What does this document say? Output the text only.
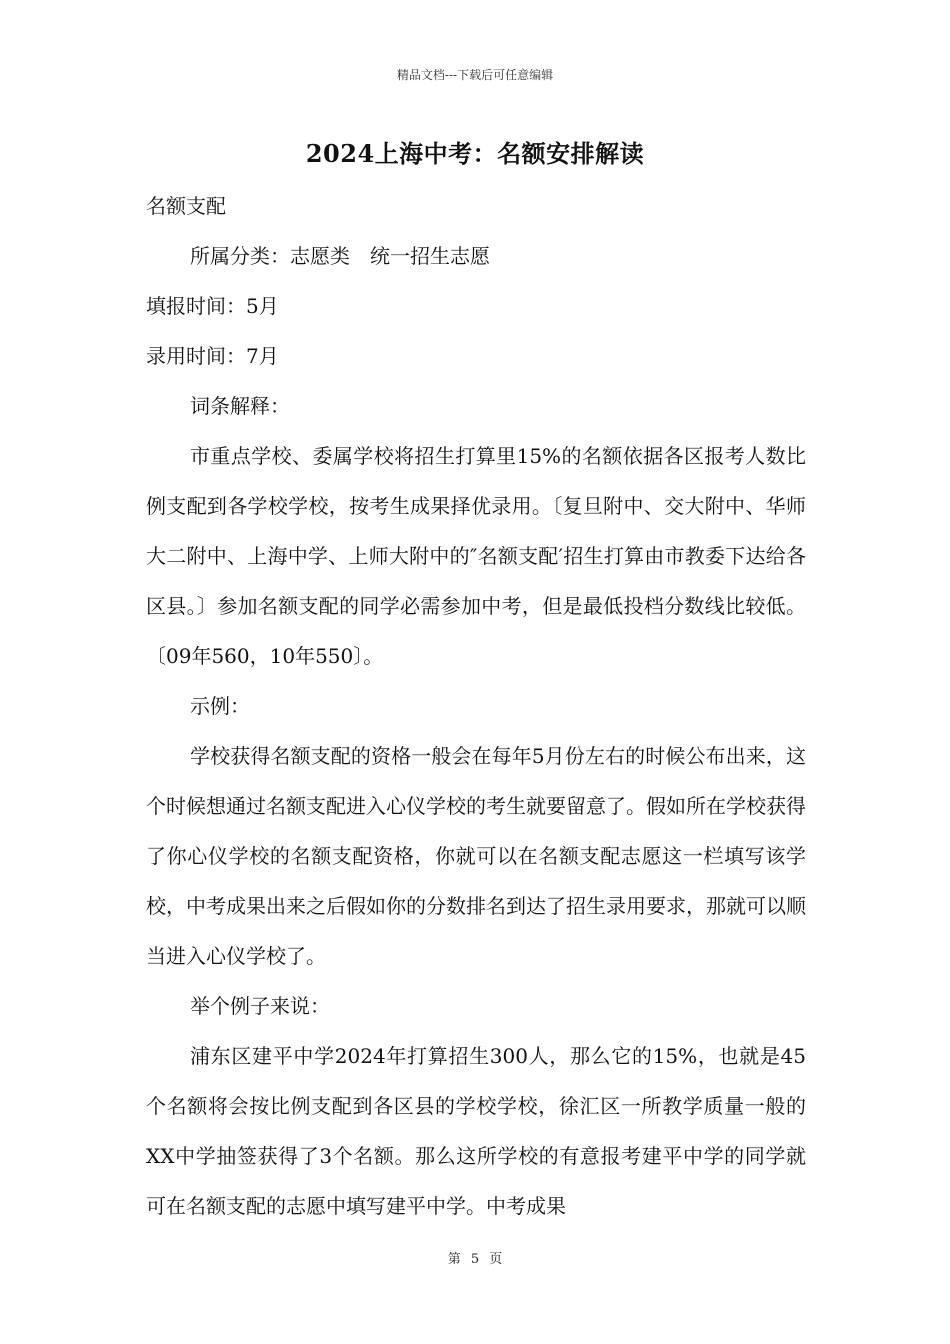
精品文档---下载后可任意编辑
2024上海中考：名额安排解读

名额支配

所属分类：志愿类　统一招生志愿

填报时间：5月

录用时间：7月

词条解释：

市重点学校、委属学校将招生打算里15%的名额依据各区报考人数比例支配到各学校学校，按考生成果择优录用。〔复旦附中、交大附中、华师大二附中、上海中学、上师大附中的″名额支配′招生打算由市教委下达给各区县。〕参加名额支配的同学必需参加中考，但是最低投档分数线比较低。〔09年560，10年550〕。

示例：

学校获得名额支配的资格一般会在每年5月份左右的时候公布出来，这个时候想通过名额支配进入心仪学校的考生就要留意了。假如所在学校获得了你心仪学校的名额支配资格，你就可以在名额支配志愿这一栏填写该学校，中考成果出来之后假如你的分数排名到达了招生录用要求，那就可以顺当进入心仪学校了。

举个例子来说：

浦东区建平中学2024年打算招生300人，那么它的15%，也就是45个名额将会按比例支配到各区县的学校学校，徐汇区一所教学质量一般的XX中学抽签获得了3个名额。那么这所学校的有意报考建平中学的同学就可在名额支配的志愿中填写建平中学。中考成果

第 5 页
